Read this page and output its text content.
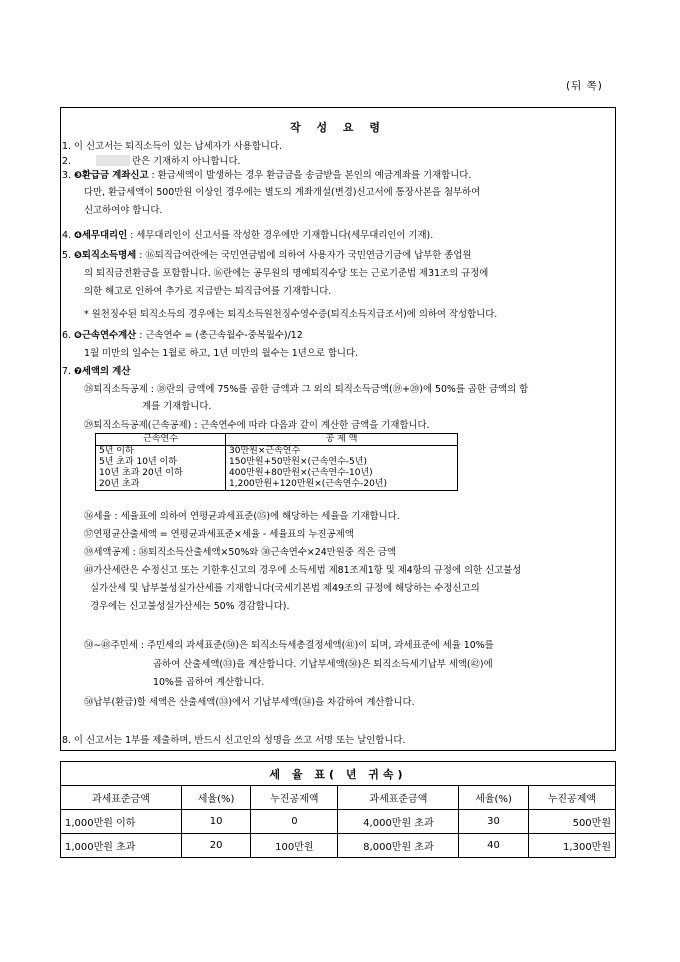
(뒤 쪽)
작 성 요 령
1. 이 신고서는 퇴직소득이 있는 납세자가 사용합니다.
2.	란은 기재하지 아니합니다.
3. ❸환급금 계좌신고 : 환급세액이 발생하는 경우 환급금을 송금받을 본인의 예금계좌를 기재합니다.
다만, 환급세액이 500만원 이상인 경우에는 별도의 계좌개설(변경)신고서에 통장사본을 첨부하여
신고하여야 합니다.
4. ❹세무대리인 : 세무대리인이 신고서를 작성한 경우에만 기재합니다(세무대리인이 기재).
5. ❺퇴직소득명세 : ⑯퇴직급여란에는 국민연금법에 의하여 사용자가 국민연금기금에 납부한 종업원
의 퇴직금전환금을 포함합니다. ⑯란에는 공무원의 명예퇴직수당 또는 근로기준법 제31조의 규정에
의한 해고로 인하여 추가로 지급받는 퇴직급여를 기재합니다.
* 원천징수된 퇴직소득의 경우에는 퇴직소득원천징수영수증(퇴직소득지급조서)에 의하여 작성합니다.
6. ❻근속연수계산 : 근속연수 = (총근속월수-중복월수)/12
1월 미만의 일수는 1월로 하고, 1년 미만의 월수는 1년으로 합니다.
7. ❼세액의 계산
㉘퇴직소득공제 : ⑱란의 금액에 75%를 곱한 금액과 그 외의 퇴직소득금액(⑲+⑳)에 50%를 곱한 금액의 합
계를 기재합니다.
㉙퇴직소득공제(근속공제) : 근속연수에 따라 다음과 같이 계산한 금액을 기재합니다.
근속연수	공 제 액
5년 이하	30만원×근속연수
5년 초과 10년 이하	150만원+50만원×(근속연수-5년)
10년 초과 20년 이하	400만원+80만원×(근속연수-10년)
20년 초과	1,200만원+120만원×(근속연수-20년)
㊱세율 : 세율표에 의하여 연평균과세표준(㉟)에 해당하는 세율을 기재합니다.
㊲연평균산출세액 = 연평균과세표준×세율 - 세율표의 누진공제액
㊴세액공제 : ㊳퇴직소득산출세액×50%와 ㉚근속연수×24만원중 적은 금액
㊵가산세란은 수정신고 또는 기한후신고의 경우에 소득세법 제81조제1항 및 제4항의 규정에 의한 신고불성
실가산세 및 납부불성실가산세를 기재합니다(국세기본법 제49조의 규정에 해당하는 수정신고의
경우에는 신고불성실가산세는 50% 경감합니다).
㊿∼㊽주민세 : 주민세의 과세표준(㊿)은 퇴직소득세총결정세액(㊶)이 되며, 과세표준에 세율 10%를
곱하여 산출세액(㉝)을 계산합니다. 기납부세액(㊿)은 퇴직소득세기납부 세액(㊷)에
10%를 곱하여 계산합니다.
㊿납부(환급)할 세액은 산출세액(㉝)에서 기납부세액(㉞)을 차감하여 계산합니다.
8. 이 신고서는 1부를 제출하며, 반드시 신고인의 성명을 쓰고 서명 또는 날인합니다.
세 율 표( 년 귀속)					
과세표준금액	세율(%)	누진공제액	과세표준금액	세율(%)	누진공제액
1,000만원 이하	10	0	4,000만원 초과	30	500만원
1,000만원 초과	20	100만원	8,000만원 초과	40	1,300만원
